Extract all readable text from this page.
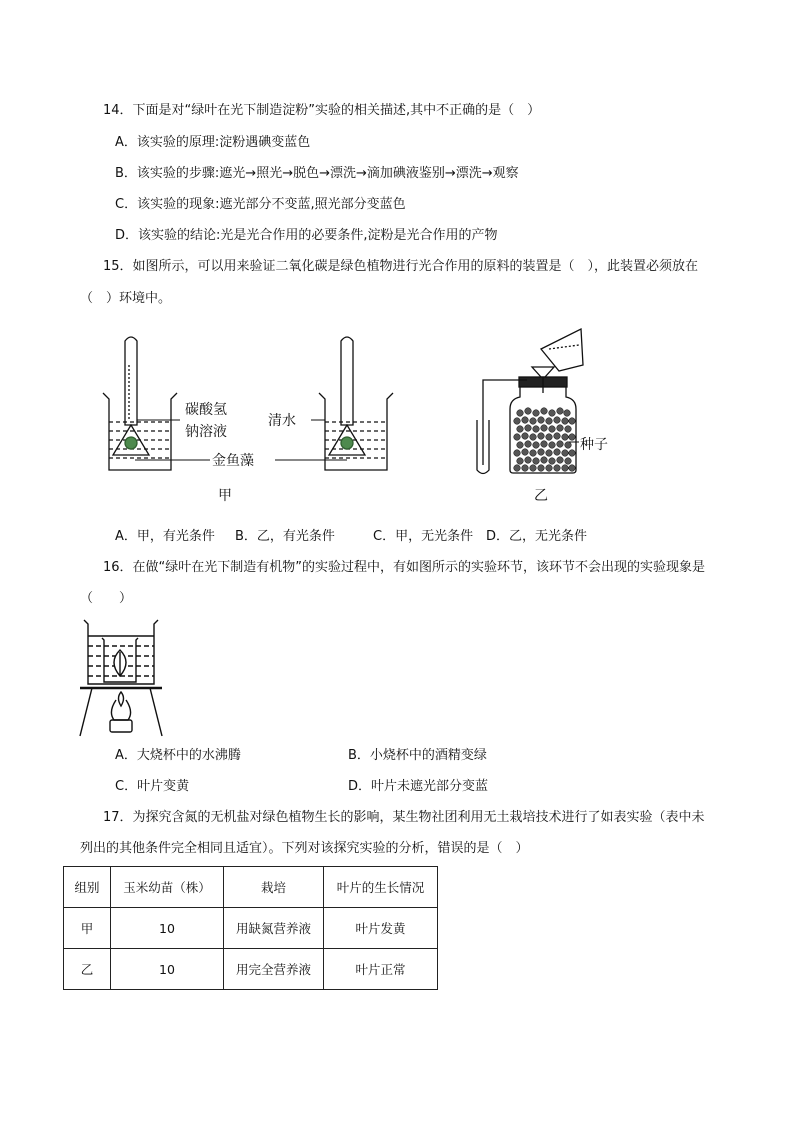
14．下面是对“绿叶在光下制造淀粉”实验的相关描述,其中不正确的是（　）
A．该实验的原理:淀粉遇碘变蓝色
B．该实验的步骤:遮光→照光→脱色→漂洗→滴加碘液鉴别→漂洗→观察
C．该实验的现象:遮光部分不变蓝,照光部分变蓝色
D．该实验的结论:光是光合作用的必要条件,淀粉是光合作用的产物
15．如图所示，可以用来验证二氧化碳是绿色植物进行光合作用的原料的装置是（　），此装置必须放在
（　）环境中。
碳酸氢
钠溶液
清水
金鱼藻
甲
种子
乙
A．甲，有光条件 B．乙，有光条件	C．甲，无光条件 D．乙，无光条件
16．在做“绿叶在光下制造有机物”的实验过程中，有如图所示的实验环节，该环节不会出现的实验现象是
（　　）
A．大烧杯中的水沸腾	B．小烧杯中的酒精变绿
C．叶片变黄	D．叶片未遮光部分变蓝
17．为探究含氮的无机盐对绿色植物生长的影响，某生物社团利用无土栽培技术进行了如表实验（表中未
列出的其他条件完全相同且适宜）。下列对该探究实验的分析，错误的是（　）
组别	玉米幼苗（株）	栽培	叶片的生长情况
甲	10	用缺氮营养液	叶片发黄
乙	10	用完全营养液	叶片正常
